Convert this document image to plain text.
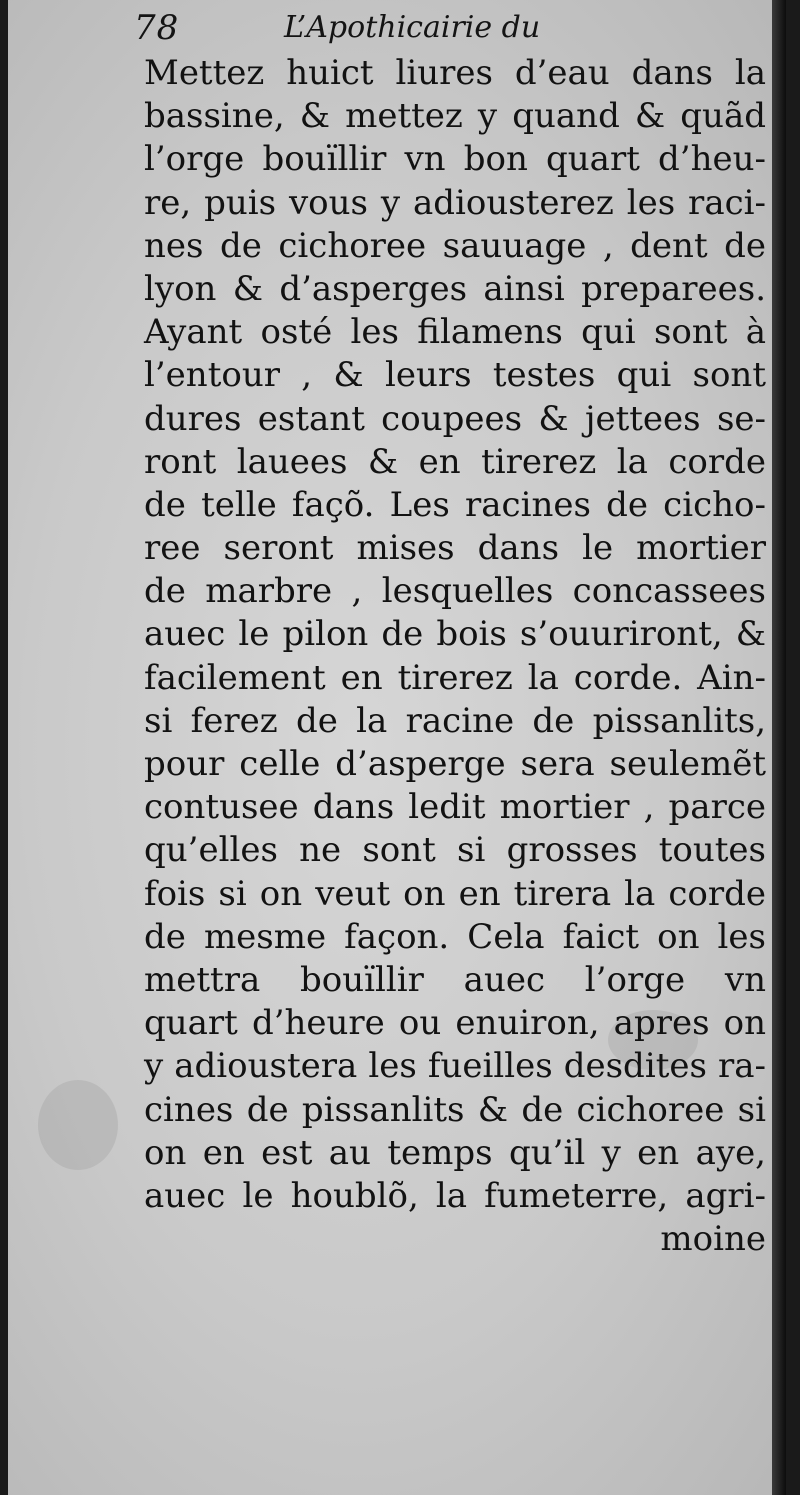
78	L’Apothicairie du
Mettez huict liures d’eau dans la
bassine, & mettez y quand & quãd
l’orge bouïllir vn bon quart d’heu-
re, puis vous y adiousterez les raci-
nes de cichoree sauuage , dent de
lyon & d’asperges ainsi preparees.
Ayant osté les filamens qui sont à
l’entour , & leurs testes qui sont
dures estant coupees & jettees se-
ront lauees & en tirerez la corde
de telle façõ. Les racines de cicho-
ree seront mises dans le mortier
de marbre , lesquelles concassees
auec le pilon de bois s’ouuriront, &
facilement en tirerez la corde. Ain-
si ferez de la racine de pissanlits,
pour celle d’asperge sera seulemẽt
contusee dans ledit mortier , parce
qu’elles ne sont si grosses toutes
fois si on veut on en tirera la corde
de mesme façon. Cela faict on les
mettra bouïllir auec l’orge vn
quart d’heure ou enuiron, apres on
y adioustera les fueilles desdites ra-
cines de pissanlits & de cichoree si
on en est au temps qu’il y en aye,
auec le houblõ, la fumeterre, agri-
moine
